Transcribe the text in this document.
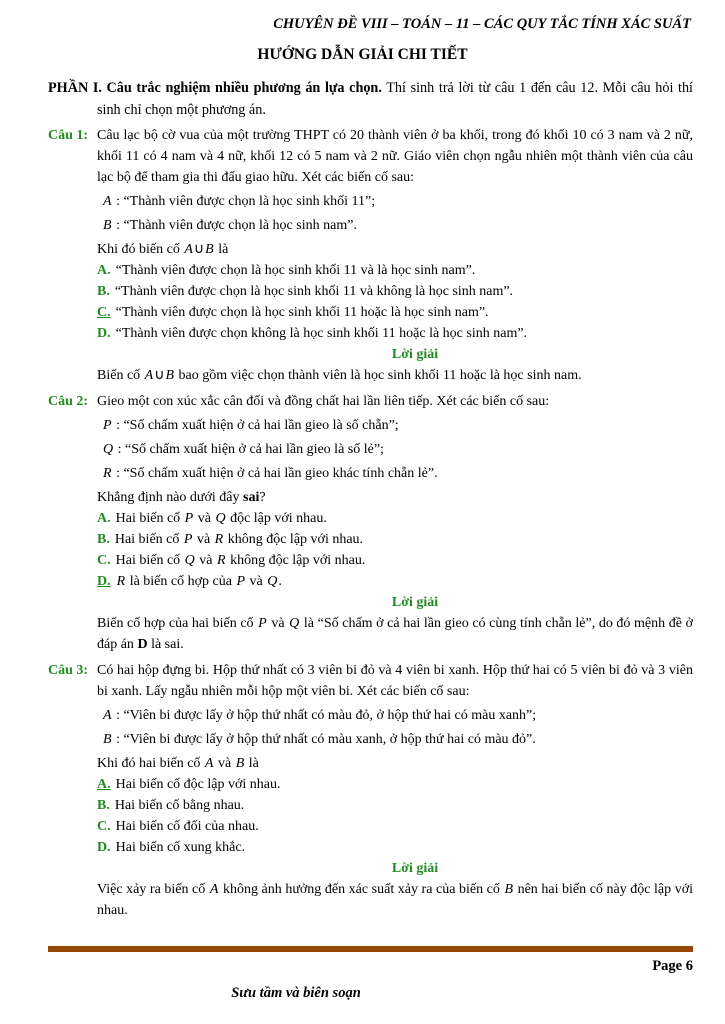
CHUYÊN ĐỀ VIII – TOÁN – 11 – CÁC QUY TẮC TÍNH XÁC SUẤT
HƯỚNG DẪN GIẢI CHI TIẾT

PHẦN I. Câu trắc nghiệm nhiều phương án lựa chọn. Thí sinh trả lời từ câu 1 đến câu 12. Mỗi câu hỏi thí sinh chỉ chọn một phương án.

Câu 1: Câu lạc bộ cờ vua của một trường THPT có 20 thành viên ở ba khối, trong đó khối 10 có 3 nam và 2 nữ, khối 11 có 4 nam và 4 nữ, khối 12 có 5 nam và 2 nữ. Giáo viên chọn ngẫu nhiên một thành viên của câu lạc bộ để tham gia thi đấu giao hữu. Xét các biến cố sau:

A : “Thành viên được chọn là học sinh khối 11”;

B : “Thành viên được chọn là học sinh nam”.

Khi đó biến cố A∪B là

A. “Thành viên được chọn là học sinh khối 11 và là học sinh nam”.

B. “Thành viên được chọn là học sinh khối 11 và không là học sinh nam”.

C. “Thành viên được chọn là học sinh khối 11 hoặc là học sinh nam”.

D. “Thành viên được chọn không là học sinh khối 11 hoặc là học sinh nam”.

Lời giải

Biến cố A∪B bao gồm việc chọn thành viên là học sinh khối 11 hoặc là học sinh nam.

Câu 2: Gieo một con xúc xắc cân đối và đồng chất hai lần liên tiếp. Xét các biến cố sau:

P : “Số chấm xuất hiện ở cả hai lần gieo là số chẵn”;

Q : “Số chấm xuất hiện ở cả hai lần gieo là số lẻ”;

R : “Số chấm xuất hiện ở cả hai lần gieo khác tính chẵn lẻ”.

Khẳng định nào dưới đây sai?

A. Hai biến cố P và Q độc lập với nhau.

B. Hai biến cố P và R không độc lập với nhau.

C. Hai biến cố Q và R không độc lập với nhau.

D. R là biến cố hợp của P và Q.

Lời giải

Biến cố hợp của hai biến cố P và Q là “Số chấm ở cả hai lần gieo có cùng tính chẵn lẻ”, do đó mệnh đề ở đáp án D là sai.

Câu 3: Có hai hộp đựng bi. Hộp thứ nhất có 3 viên bi đỏ và 4 viên bi xanh. Hộp thứ hai có 5 viên bi đỏ và 3 viên bi xanh. Lấy ngẫu nhiên mỗi hộp một viên bi. Xét các biến cố sau:

A : “Viên bi được lấy ở hộp thứ nhất có màu đỏ, ở hộp thứ hai có màu xanh”;

B : “Viên bi được lấy ở hộp thứ nhất có màu xanh, ở hộp thứ hai có màu đỏ”.

Khi đó hai biến cố A và B là

A. Hai biến cố độc lập với nhau.

B. Hai biến cố bằng nhau.

C. Hai biến cố đối của nhau.

D. Hai biến cố xung khắc.

Lời giải

Việc xảy ra biến cố A không ảnh hưởng đến xác suất xảy ra của biến cố B nên hai biến cố này độc lập với nhau.

Page 6
Sưu tầm và biên soạn
